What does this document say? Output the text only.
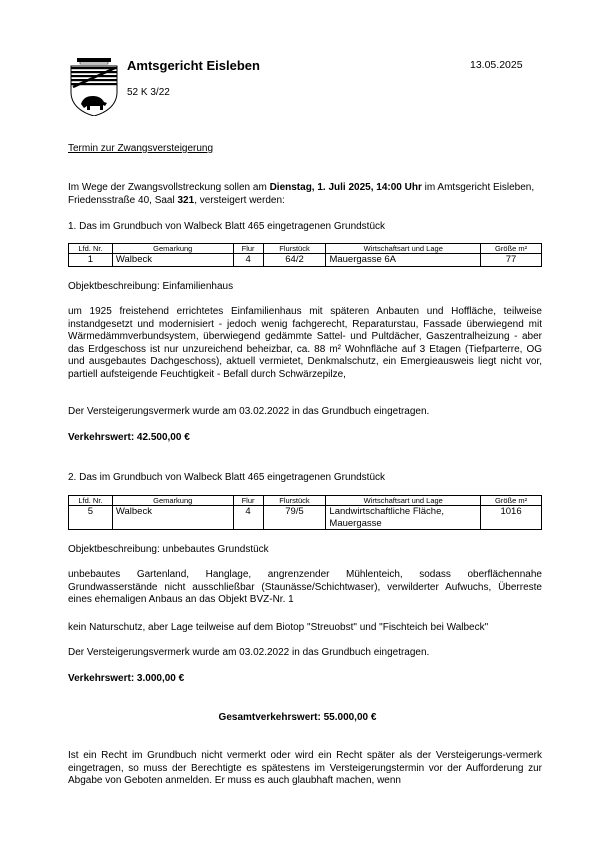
Amtsgericht Eisleben
52 K 3/22
13.05.2025
Termin zur Zwangsversteigerung
Im Wege der Zwangsvollstreckung sollen am Dienstag, 1. Juli 2025, 14:00 Uhr im Amtsgericht Eisleben, Friedensstraße 40, Saal 321, versteigert werden:
1. Das im Grundbuch von Walbeck Blatt 465 eingetragenen Grundstück
Lfd. Nr.	Gemarkung	Flur	Flurstück	Wirtschaftsart und Lage	Größe m²
1	Walbeck	4	64/2	Mauergasse 6A	77
Objektbeschreibung: Einfamilienhaus
um 1925 freistehend errichtetes Einfamilienhaus mit späteren Anbauten und Hoffläche, teilweise instandgesetzt und modernisiert - jedoch wenig fachgerecht, Reparaturstau, Fassade überwiegend mit Wärmedämmverbundsystem, überwiegend gedämmte Sattel- und Pultdächer, Gaszentralheizung - aber das Erdgeschoss ist nur unzureichend beheizbar, ca. 88 m² Wohnfläche auf 3 Etagen (Tiefparterre, OG und ausgebautes Dachgeschoss), aktuell vermietet, Denkmalschutz, ein Emergieausweis liegt nicht vor, partiell aufsteigende Feuchtigkeit - Befall durch Schwärzepilze,
Der Versteigerungsvermerk wurde am 03.02.2022 in das Grundbuch eingetragen.
Verkehrswert: 42.500,00 €
2. Das im Grundbuch von Walbeck Blatt 465 eingetragenen Grundstück
Lfd. Nr.	Gemarkung	Flur	Flurstück	Wirtschaftsart und Lage	Größe m²
5	Walbeck	4	79/5	Landwirtschaftliche Fläche, Mauergasse	1016
Objektbeschreibung: unbebautes Grundstück
unbebautes Gartenland, Hanglage, angrenzender Mühlenteich, sodass oberflächennahe Grundwasserstände nicht ausschließbar (Staunässe/Schichtwaser), verwilderter Aufwuchs, Überreste eines ehemaligen Anbaus an das Objekt BVZ-Nr. 1
kein Naturschutz, aber Lage teilweise auf dem Biotop "Streuobst" und "Fischteich bei Walbeck"
Der Versteigerungsvermerk wurde am 03.02.2022 in das Grundbuch eingetragen.
Verkehrswert: 3.000,00 €
Gesamtverkehrswert: 55.000,00 €
Ist ein Recht im Grundbuch nicht vermerkt oder wird ein Recht später als der Versteigerungs-vermerk eingetragen, so muss der Berechtigte es spätestens im Versteigerungstermin vor der Aufforderung zur Abgabe von Geboten anmelden. Er muss es auch glaubhaft machen, wenn
